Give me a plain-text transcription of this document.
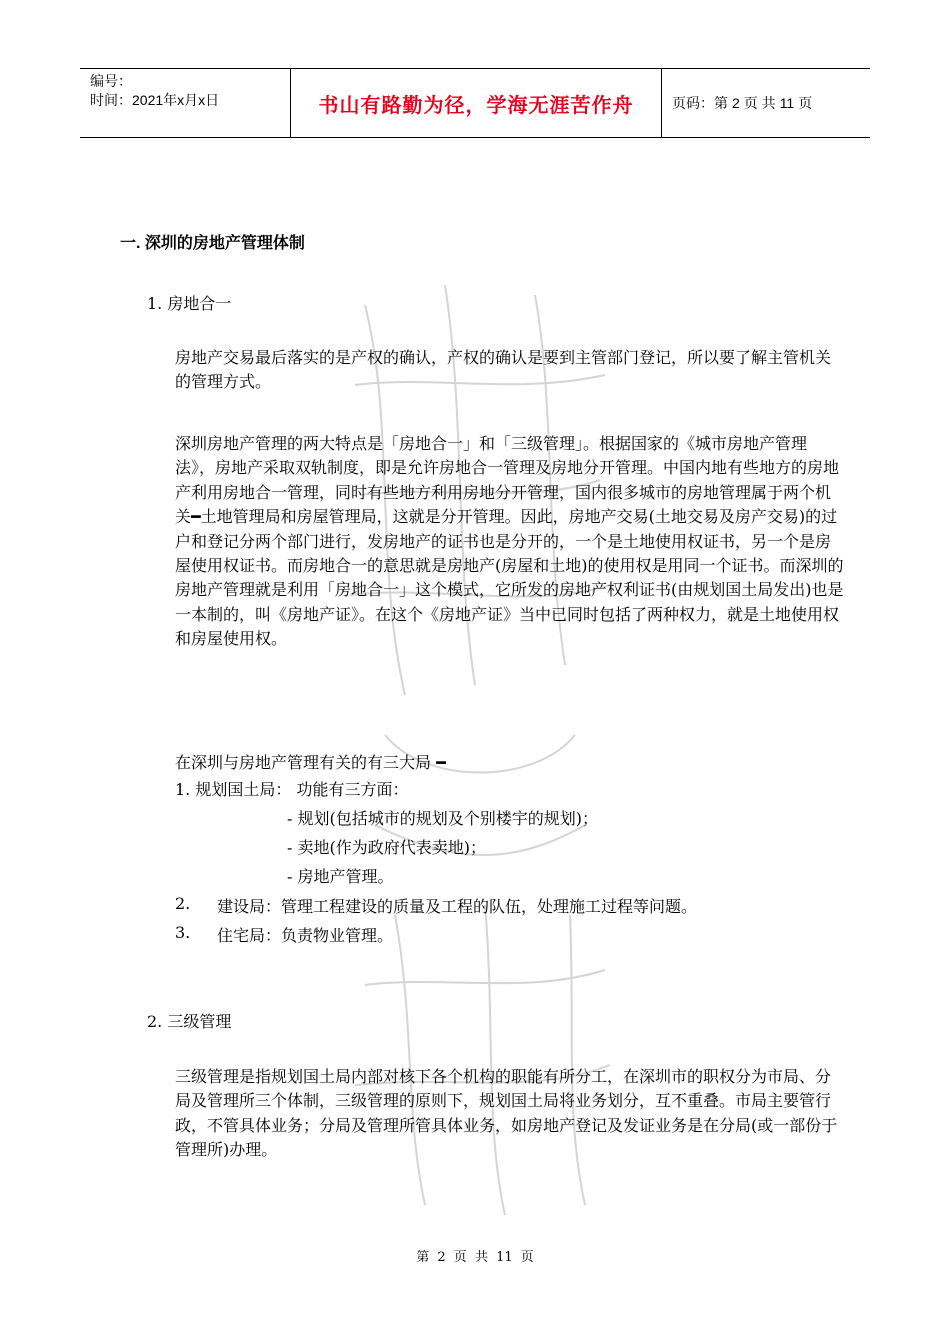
编号：
时间：2021年x月x日	书山有路勤为径，学海无涯苦作舟	页码：第 2 页 共 11 页
一. 深圳的房地产管理体制
1. 房地合一

房地产交易最后落实的是产权的确认，产权的确认是要到主管部门登记，所以要了解主管机关的管理方式。

深圳房地产管理的两大特点是「房地合一」和「三级管理」。根据国家的《城市房地产管理法》，房地产采取双轨制度，即是允许房地合一管理及房地分开管理。中国内地有些地方的房地产利用房地合一管理，同时有些地方利用房地分开管理，国内很多城市的房地管理属于两个机关━土地管理局和房屋管理局，这就是分开管理。因此，房地产交易(土地交易及房产交易)的过户和登记分两个部门进行，发房地产的证书也是分开的，一个是土地使用权证书，另一个是房屋使用权证书。而房地合一的意思就是房地产(房屋和土地)的使用权是用同一个证书。而深圳的房地产管理就是利用「房地合一」这个模式，它所发的房地产权利证书(由规划国土局发出)也是一本制的，叫《房地产证》。在这个《房地产证》当中已同时包括了两种权力，就是土地使用权和房屋使用权。

在深圳与房地产管理有关的有三大局 ━
1. 规划国土局： 功能有三方面：
- 规划(包括城市的规划及个别楼宇的规划)；
- 卖地(作为政府代表卖地)；
- 房地产管理。
2. 建设局：管理工程建设的质量及工程的队伍，处理施工过程等问题。
3. 住宅局：负责物业管理。
2. 三级管理

三级管理是指规划国土局内部对核下各个机构的职能有所分工，在深圳市的职权分为市局、分局及管理所三个体制，三级管理的原则下，规划国土局将业务划分，互不重叠。市局主要管行政，不管具体业务；分局及管理所管具体业务，如房地产登记及发证业务是在分局(或一部份于管理所)办理。

第 2 页 共 11 页
